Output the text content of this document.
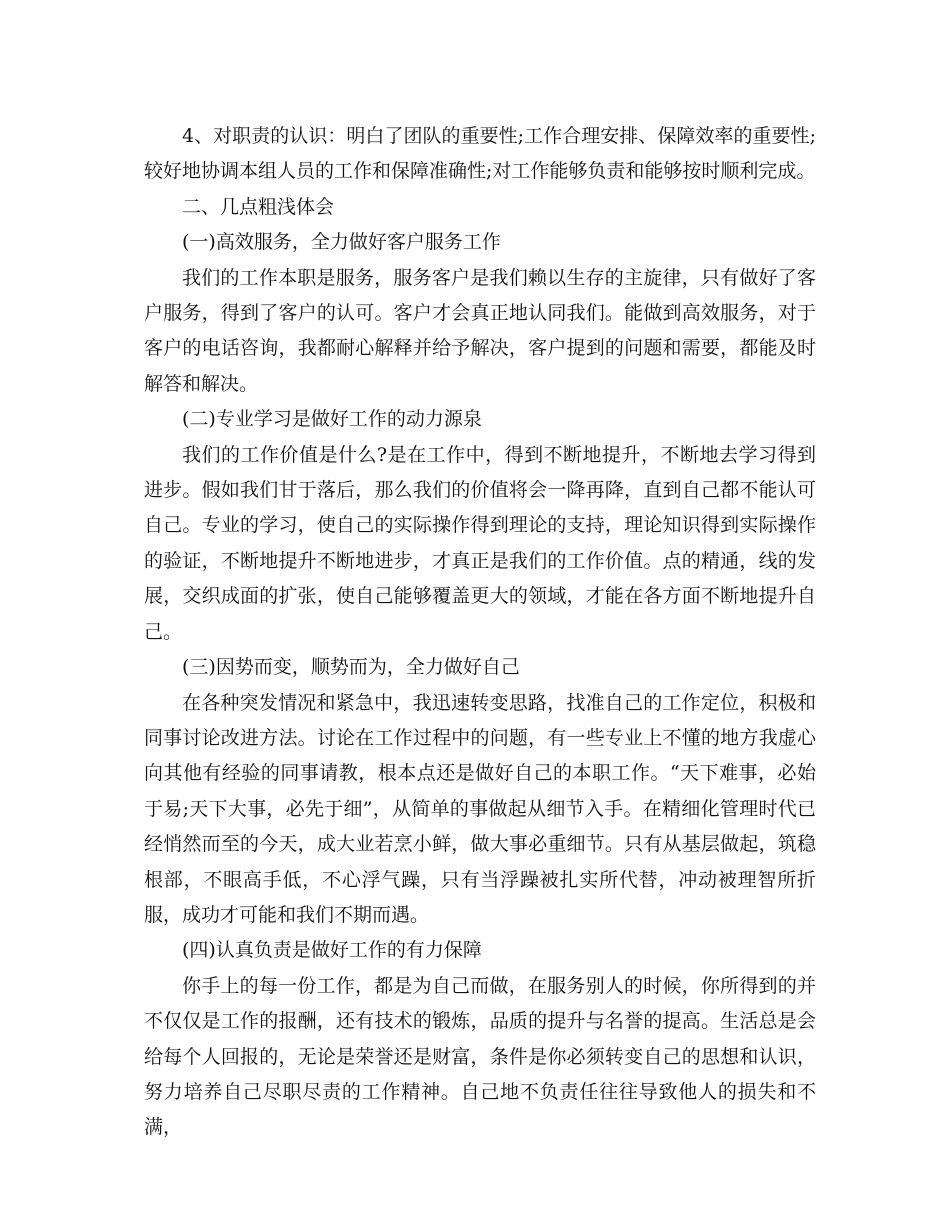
4、对职责的认识：明白了团队的重要性;工作合理安排、保障效率的重要性;较好地协调本组人员的工作和保障准确性;对工作能够负责和能够按时顺利完成。

二、几点粗浅体会

(一)高效服务，全力做好客户服务工作

我们的工作本职是服务，服务客户是我们赖以生存的主旋律，只有做好了客户服务，得到了客户的认可。客户才会真正地认同我们。能做到高效服务，对于客户的电话咨询，我都耐心解释并给予解决，客户提到的问题和需要，都能及时解答和解决。

(二)专业学习是做好工作的动力源泉

我们的工作价值是什么?是在工作中，得到不断地提升，不断地去学习得到进步。假如我们甘于落后，那么我们的价值将会一降再降，直到自己都不能认可自己。专业的学习，使自己的实际操作得到理论的支持，理论知识得到实际操作的验证，不断地提升不断地进步，才真正是我们的工作价值。点的精通，线的发展，交织成面的扩张，使自己能够覆盖更大的领域，才能在各方面不断地提升自己。

(三)因势而变，顺势而为，全力做好自己

在各种突发情况和紧急中，我迅速转变思路，找准自己的工作定位，积极和同事讨论改进方法。讨论在工作过程中的问题，有一些专业上不懂的地方我虚心向其他有经验的同事请教，根本点还是做好自己的本职工作。“天下难事，必始于易;天下大事，必先于细”，从简单的事做起从细节入手。在精细化管理时代已经悄然而至的今天，成大业若烹小鲜，做大事必重细节。只有从基层做起，筑稳根部，不眼高手低，不心浮气躁，只有当浮躁被扎实所代替，冲动被理智所折服，成功才可能和我们不期而遇。

(四)认真负责是做好工作的有力保障

你手上的每一份工作，都是为自己而做，在服务别人的时候，你所得到的并不仅仅是工作的报酬，还有技术的锻炼，品质的提升与名誉的提高。生活总是会给每个人回报的，无论是荣誉还是财富，条件是你必须转变自己的思想和认识，努力培养自己尽职尽责的工作精神。自己地不负责任往往导致他人的损失和不满，
